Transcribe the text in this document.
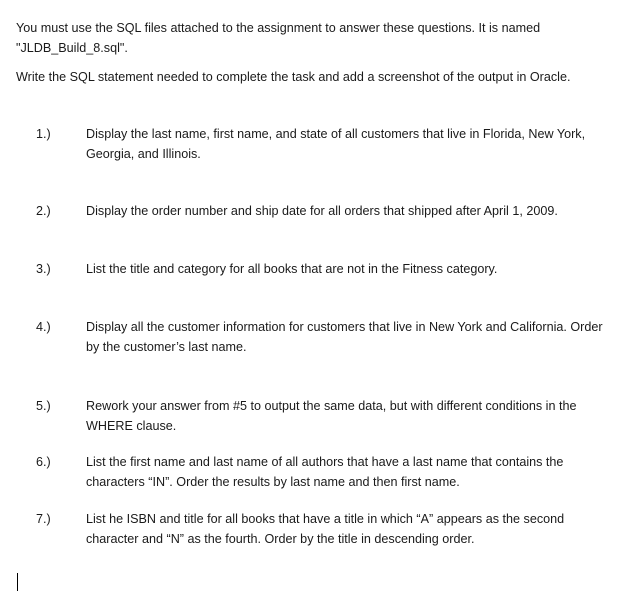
You must use the SQL files attached to the assignment to answer these questions. It is named "JLDB_Build_8.sql".

Write the SQL statement needed to complete the task and add a screenshot of the output in Oracle.

1.)	Display the last name, first name, and state of all customers that live in Florida, New York, Georgia, and Illinois.
2.)	Display the order number and ship date for all orders that shipped after April 1, 2009.
3.)	List the title and category for all books that are not in the Fitness category.
4.)	Display all the customer information for customers that live in New York and California. Order by the customer’s last name.
5.)	Rework your answer from #5 to output the same data, but with different conditions in the WHERE clause.
6.)	List the first name and last name of all authors that have a last name that contains the characters “IN”. Order the results by last name and then first name.
7.)	List he ISBN and title for all books that have a title in which “A” appears as the second character and “N” as the fourth. Order by the title in descending order.
